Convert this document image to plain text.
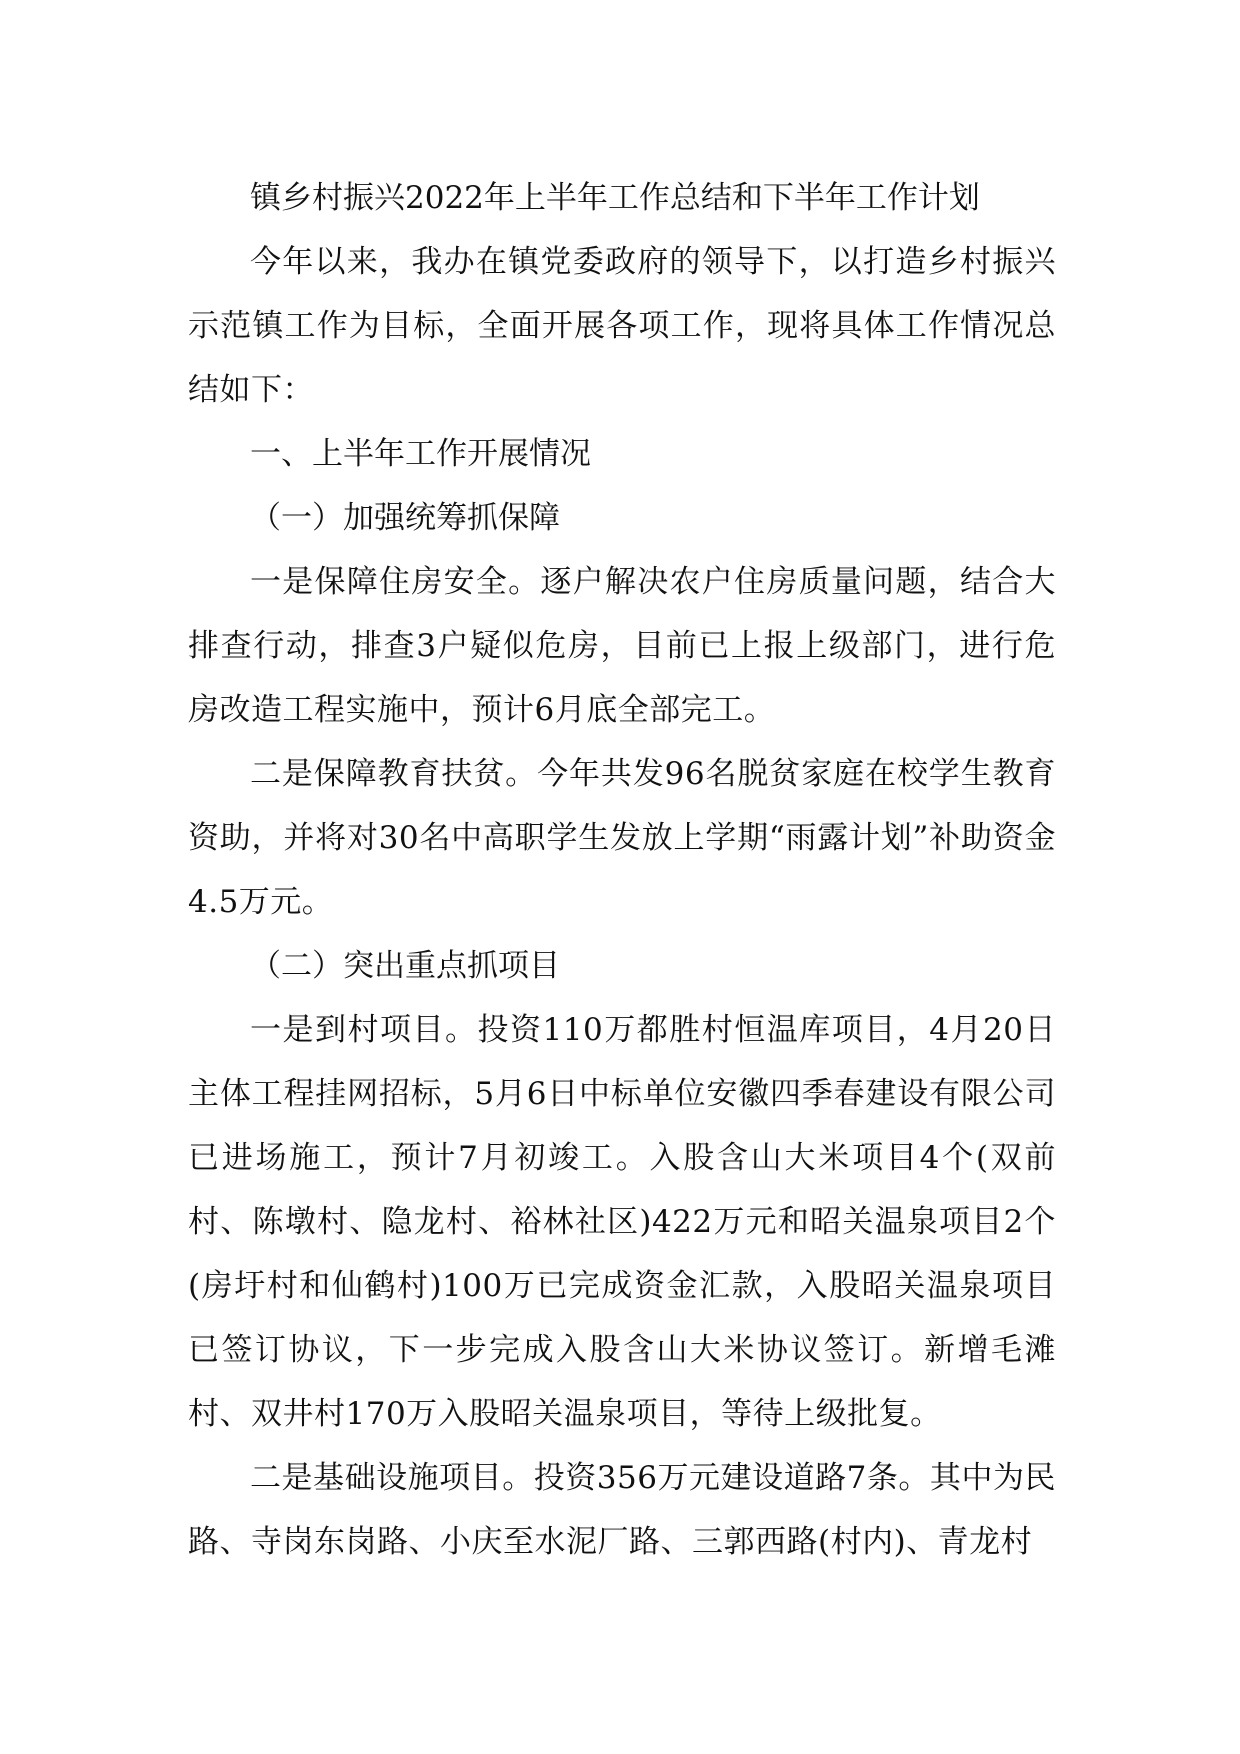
镇乡村振兴2022年上半年工作总结和下半年工作计划

今年以来，我办在镇党委政府的领导下，以打造乡村振兴示范镇工作为目标，全面开展各项工作，现将具体工作情况总结如下：

一、上半年工作开展情况
（一）加强统筹抓保障

一是保障住房安全。逐户解决农户住房质量问题，结合大排查行动，排查3户疑似危房，目前已上报上级部门，进行危房改造工程实施中，预计6月底全部完工。

二是保障教育扶贫。今年共发96名脱贫家庭在校学生教育资助，并将对30名中高职学生发放上学期“雨露计划”补助资金4.5万元。

（二）突出重点抓项目

一是到村项目。投资110万都胜村恒温库项目，4月20日主体工程挂网招标，5月6日中标单位安徽四季春建设有限公司已进场施工，预计7月初竣工。入股含山大米项目4个(双前村、陈墩村、隐龙村、裕林社区)422万元和昭关温泉项目2个(房圩村和仙鹤村)100万已完成资金汇款，入股昭关温泉项目已签订协议，下一步完成入股含山大米协议签订。新增毛滩村、双井村170万入股昭关温泉项目，等待上级批复。

二是基础设施项目。投资356万元建设道路7条。其中为民路、寺岗东岗路、小庆至水泥厂路、三郭西路(村内)、青龙村
